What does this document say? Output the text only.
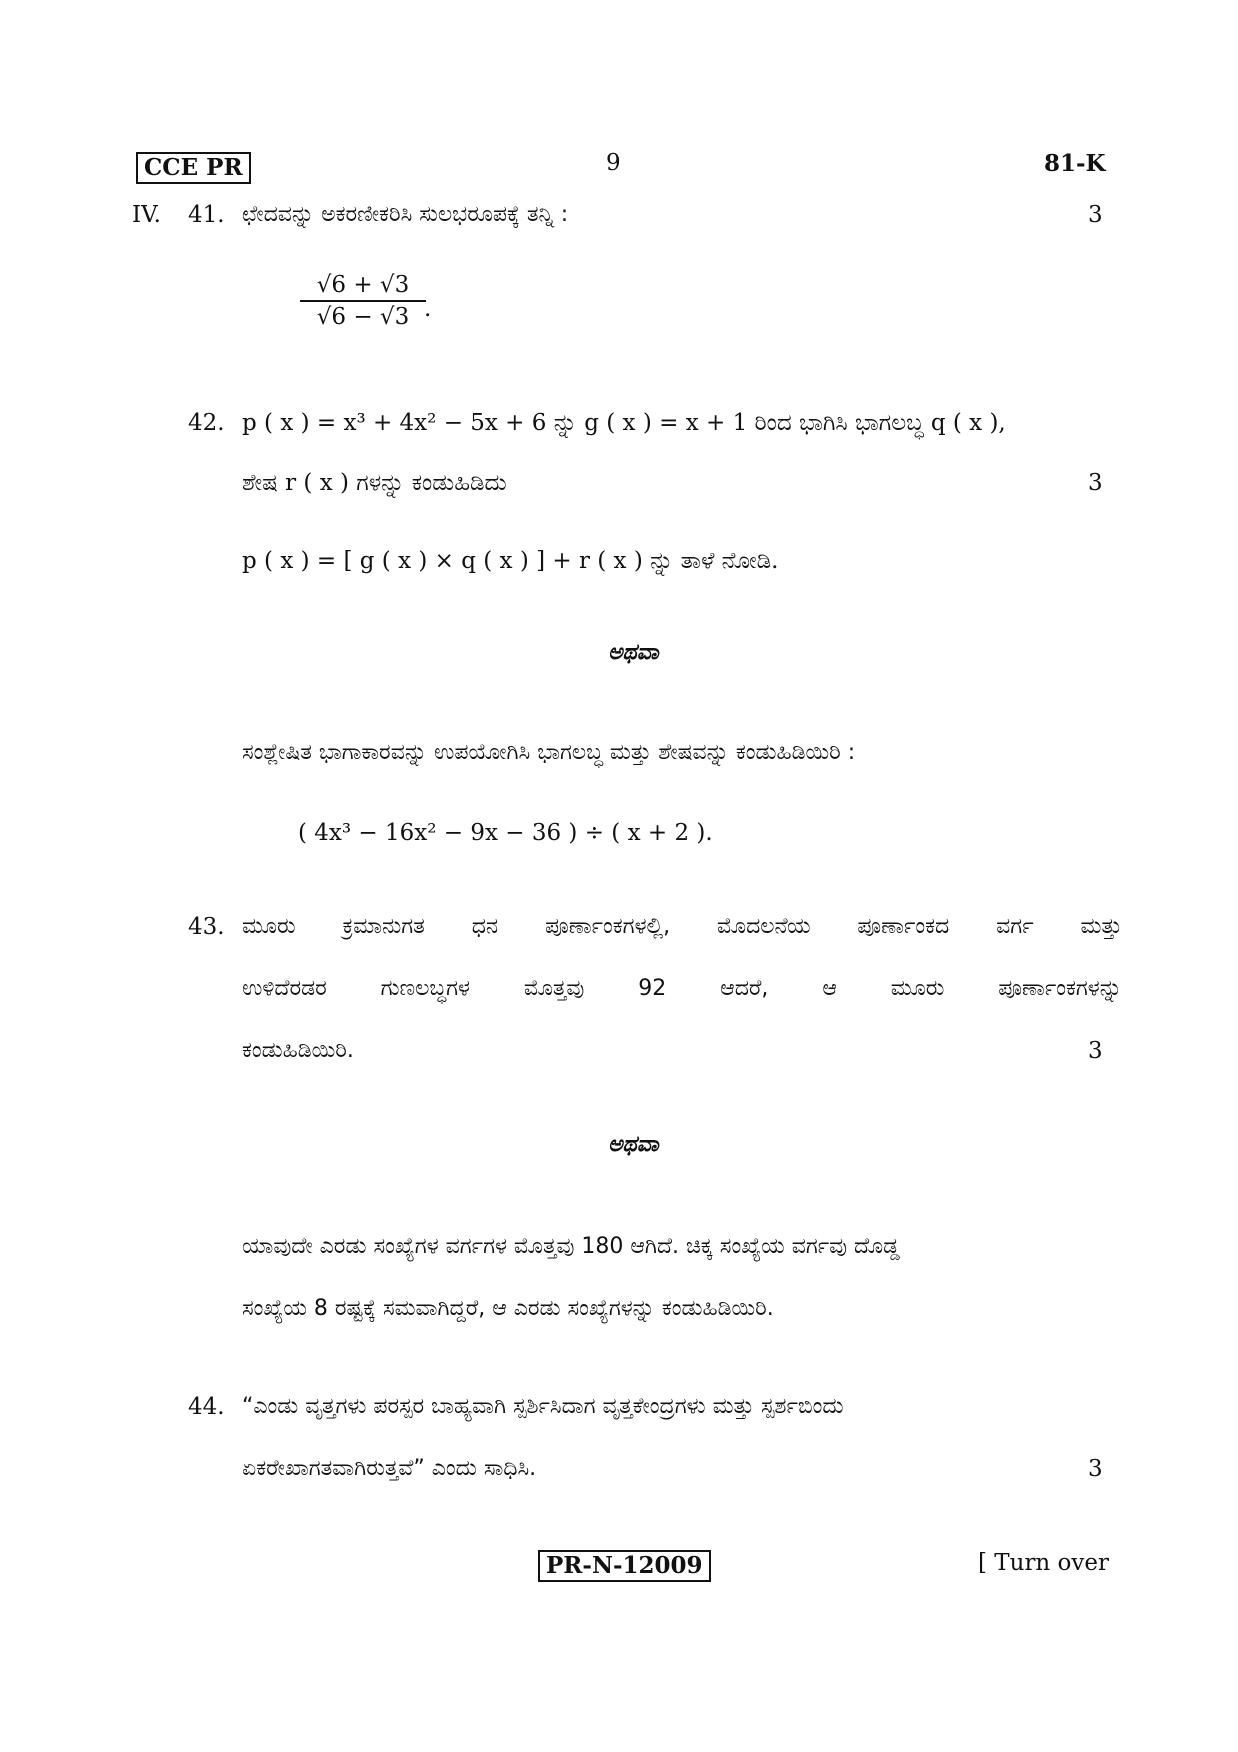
CCE PR	9	81-K
IV. 41. ಛೇದವನ್ನು ಅಕರಣೀಕರಿಸಿ ಸುಲಭರೂಪಕ್ಕೆ ತನ್ನಿ :	3
√6 + √3
√6 − √3 .
42. p ( x ) = x³ + 4x² − 5x + 6 ನ್ನು g ( x ) = x + 1 ರಿಂದ ಭಾಗಿಸಿ ಭಾಗಲಬ್ಧ q ( x ),
ಶೇಷ r ( x ) ಗಳನ್ನು ಕಂಡುಹಿಡಿದು	3
p ( x ) = [ g ( x ) × q ( x ) ] + r ( x ) ನ್ನು ತಾಳೆ ನೋಡಿ.
ಅಥವಾ
ಸಂಶ್ಲೇಷಿತ ಭಾಗಾಕಾರವನ್ನು ಉಪಯೋಗಿಸಿ ಭಾಗಲಬ್ಧ ಮತ್ತು ಶೇಷವನ್ನು ಕಂಡುಹಿಡಿಯಿರಿ :
( 4x³ − 16x² − 9x − 36 ) ÷ ( x + 2 ).
43. ಮೂರು ಕ್ರಮಾನುಗತ ಧನ ಪೂರ್ಣಾಂಕಗಳಲ್ಲಿ, ಮೊದಲನೆಯ ಪೂರ್ಣಾಂಕದ ವರ್ಗ ಮತ್ತು
ಉಳಿದೆರಡರ ಗುಣಲಬ್ಧಗಳ ಮೊತ್ತವು 92 ಆದರೆ, ಆ ಮೂರು ಪೂರ್ಣಾಂಕಗಳನ್ನು
ಕಂಡುಹಿಡಿಯಿರಿ.	3
ಅಥವಾ
ಯಾವುದೇ ಎರಡು ಸಂಖ್ಯೆಗಳ ವರ್ಗಗಳ ಮೊತ್ತವು 180 ಆಗಿದೆ. ಚಿಕ್ಕ ಸಂಖ್ಯೆಯ ವರ್ಗವು ದೊಡ್ಡ
ಸಂಖ್ಯೆಯ 8 ರಷ್ಟಕ್ಕೆ ಸಮವಾಗಿದ್ದರೆ, ಆ ಎರಡು ಸಂಖ್ಯೆಗಳನ್ನು ಕಂಡುಹಿಡಿಯಿರಿ.
44. “ಎಂಡು ವೃತ್ತಗಳು ಪರಸ್ಪರ ಬಾಹ್ಯವಾಗಿ ಸ್ಪರ್ಶಿಸಿದಾಗ ವೃತ್ತಕೇಂದ್ರಗಳು ಮತ್ತು ಸ್ಪರ್ಶಬಿಂದು
ಏಕರೇಖಾಗತವಾಗಿರುತ್ತವೆ” ಎಂದು ಸಾಧಿಸಿ.	3
PR-N-12009	[ Turn over
